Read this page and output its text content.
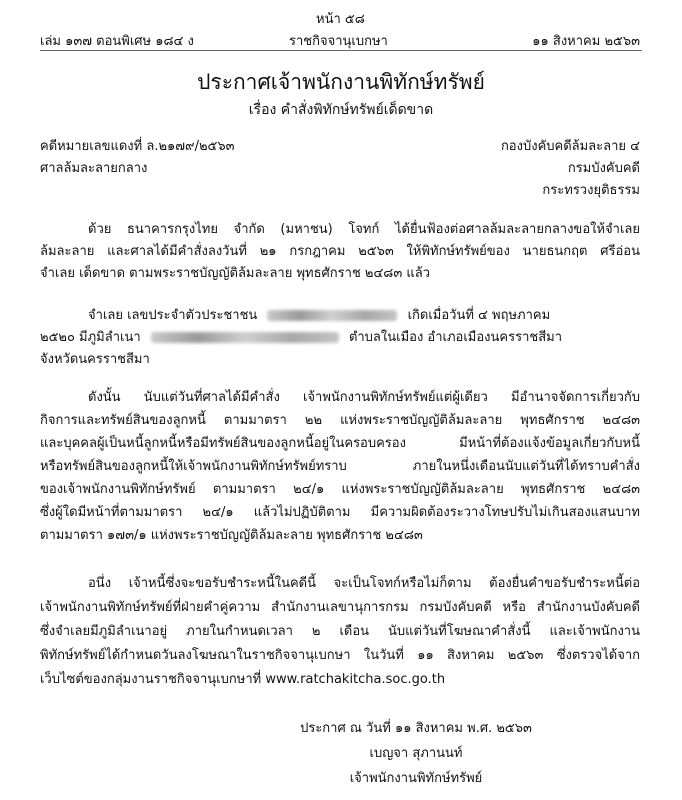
หน้า ๕๘
เล่ม ๑๓๗ ตอนพิเศษ ๑๘๔ ง	ราชกิจจานุเบกษา	๑๑ สิงหาคม ๒๕๖๓
ประกาศเจ้าพนักงานพิทักษ์ทรัพย์
เรื่อง คำสั่งพิทักษ์ทรัพย์เด็ดขาด
คดีหมายเลขแดงที่ ล.๒๑๗๙/๒๕๖๓
ศาลล้มละลายกลาง
กองบังคับคดีล้มละลาย ๔
กรมบังคับคดี
กระทรวงยุติธรรม
ด้วย ธนาคารกรุงไทย จำกัด (มหาชน) โจทก์ ได้ยื่นฟ้องต่อศาลล้มละลายกลางขอให้จำเลย
ล้มละลาย และศาลได้มีคำสั่งลงวันที่ ๒๑ กรกฎาคม ๒๕๖๓ ให้พิทักษ์ทรัพย์ของ นายธนกฤต ศรีอ่อน
จำเลย เด็ดขาด ตามพระราชบัญญัติล้มละลาย พุทธศักราช ๒๔๘๓ แล้ว
จำเลย เลขประจำตัวประชาชน	เกิดเมื่อวันที่ ๔ พฤษภาคม
๒๕๒๐ มีภูมิลำเนา	ตำบลในเมือง อำเภอเมืองนครราชสีมา
จังหวัดนครราชสีมา
ดังนั้น นับแต่วันที่ศาลได้มีคำสั่ง เจ้าพนักงานพิทักษ์ทรัพย์แต่ผู้เดียว มีอำนาจจัดการเกี่ยวกับ
กิจการและทรัพย์สินของลูกหนี้ ตามมาตรา ๒๒ แห่งพระราชบัญญัติล้มละลาย พุทธศักราช ๒๔๘๓
และบุคคลผู้เป็นหนี้ลูกหนี้หรือมีทรัพย์สินของลูกหนี้อยู่ในครอบครอง มีหน้าที่ต้องแจ้งข้อมูลเกี่ยวกับหนี้
หรือทรัพย์สินของลูกหนี้ให้เจ้าพนักงานพิทักษ์ทรัพย์ทราบ ภายในหนึ่งเดือนนับแต่วันที่ได้ทราบคำสั่ง
ของเจ้าพนักงานพิทักษ์ทรัพย์ ตามมาตรา ๒๔/๑ แห่งพระราชบัญญัติล้มละลาย พุทธศักราช ๒๔๘๓
ซึ่งผู้ใดมีหน้าที่ตามมาตรา ๒๔/๑ แล้วไม่ปฏิบัติตาม มีความผิดต้องระวางโทษปรับไม่เกินสองแสนบาท
ตามมาตรา ๑๗๓/๑ แห่งพระราชบัญญัติล้มละลาย พุทธศักราช ๒๔๘๓
อนึ่ง เจ้าหนี้ซึ่งจะขอรับชำระหนี้ในคดีนี้ จะเป็นโจทก์หรือไม่ก็ตาม ต้องยื่นคำขอรับชำระหนี้ต่อ
เจ้าพนักงานพิทักษ์ทรัพย์ที่ฝ่ายคำคู่ความ สำนักงานเลขานุการกรม กรมบังคับคดี หรือ สำนักงานบังคับคดี
ซึ่งจำเลยมีภูมิลำเนาอยู่ ภายในกำหนดเวลา ๒ เดือน นับแต่วันที่โฆษณาคำสั่งนี้ และเจ้าพนักงาน
พิทักษ์ทรัพย์ได้กำหนดวันลงโฆษณาในราชกิจจานุเบกษา ในวันที่ ๑๑ สิงหาคม ๒๕๖๓ ซึ่งตรวจได้จาก
เว็บไซต์ของกลุ่มงานราชกิจจานุเบกษาที่ www.ratchakitcha.soc.go.th
ประกาศ ณ วันที่ ๑๑ สิงหาคม พ.ศ. ๒๕๖๓
เบญจา สุภานนท์
เจ้าพนักงานพิทักษ์ทรัพย์
